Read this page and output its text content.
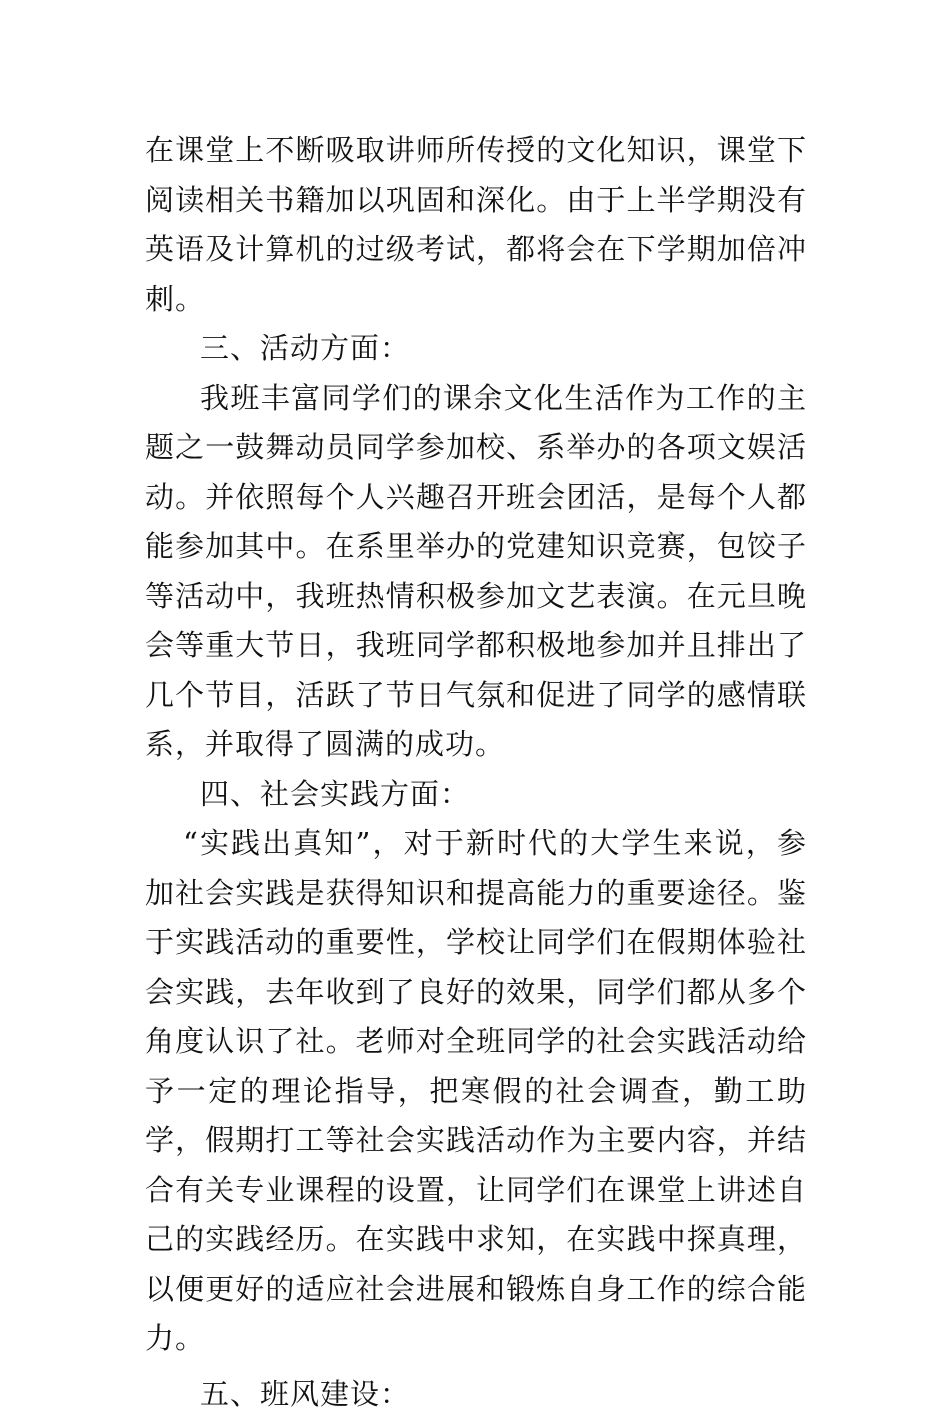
在课堂上不断吸取讲师所传授的文化知识，课堂下阅读相关书籍加以巩固和深化。由于上半学期没有英语及计算机的过级考试，都将会在下学期加倍冲刺。

三、活动方面：

我班丰富同学们的课余文化生活作为工作的主题之一鼓舞动员同学参加校、系举办的各项文娱活动。并依照每个人兴趣召开班会团活，是每个人都能参加其中。在系里举办的党建知识竞赛，包饺子等活动中，我班热情积极参加文艺表演。在元旦晚会等重大节日，我班同学都积极地参加并且排出了几个节目，活跃了节日气氛和促进了同学的感情联系，并取得了圆满的成功。

四、社会实践方面：

“实践出真知”，对于新时代的大学生来说，参加社会实践是获得知识和提高能力的重要途径。鉴于实践活动的重要性，学校让同学们在假期体验社会实践，去年收到了良好的效果，同学们都从多个角度认识了社。老师对全班同学的社会实践活动给予一定的理论指导，把寒假的社会调查，勤工助学，假期打工等社会实践活动作为主要内容，并结合有关专业课程的设置，让同学们在课堂上讲述自己的实践经历。在实践中求知，在实践中探真理，以便更好的适应社会进展和锻炼自身工作的综合能力。

五、班风建设：
